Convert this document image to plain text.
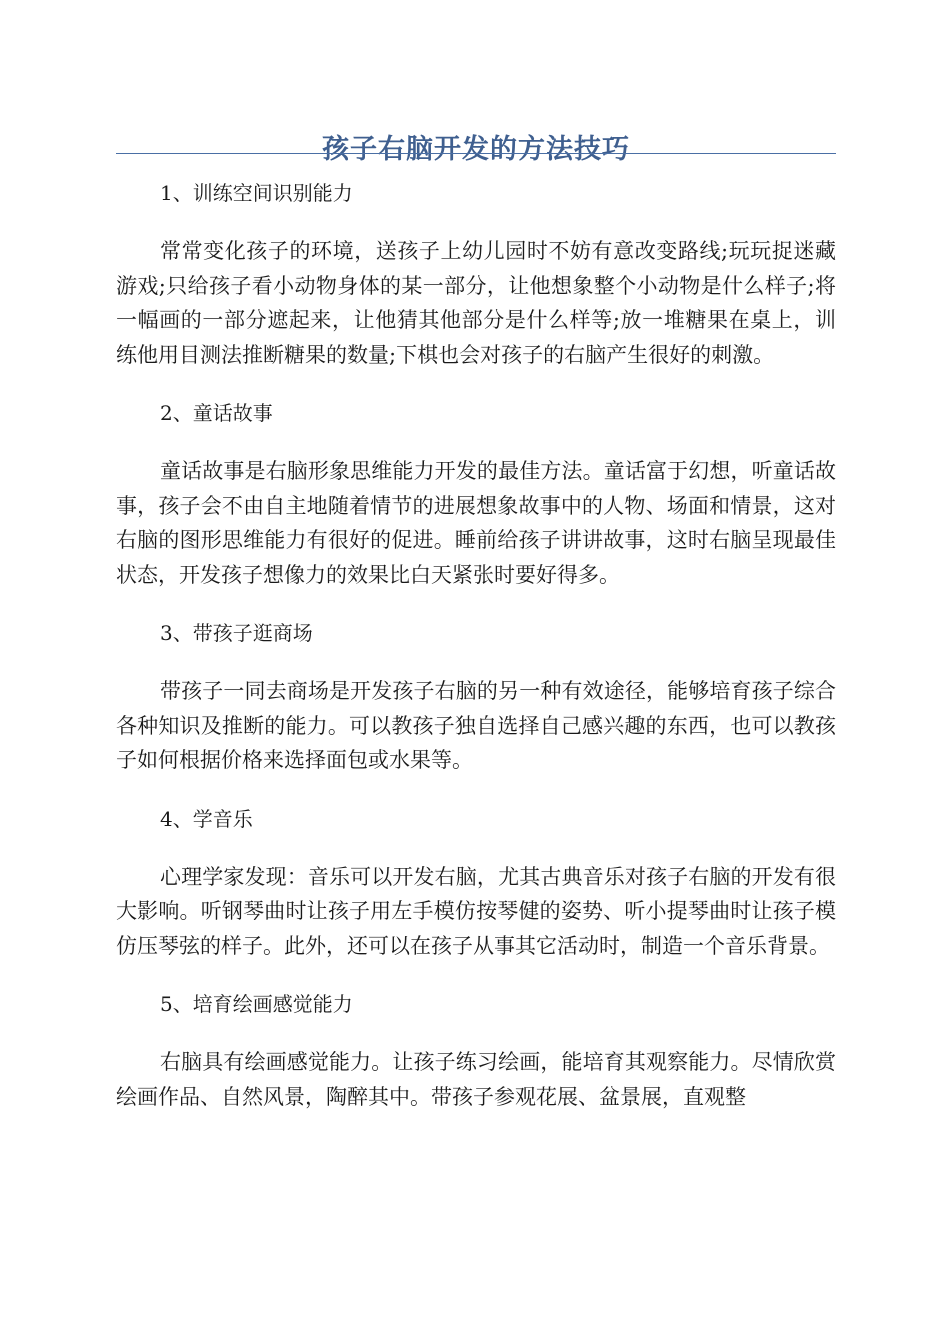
孩子右脑开发的方法技巧

1、训练空间识别能力

常常变化孩子的环境，送孩子上幼儿园时不妨有意改变路线;玩玩捉迷藏游戏;只给孩子看小动物身体的某一部分，让他想象整个小动物是什么样子;将一幅画的一部分遮起来，让他猜其他部分是什么样等;放一堆糖果在桌上，训练他用目测法推断糖果的数量;下棋也会对孩子的右脑产生很好的刺激。

2、童话故事

童话故事是右脑形象思维能力开发的最佳方法。童话富于幻想，听童话故事，孩子会不由自主地随着情节的进展想象故事中的人物、场面和情景，这对右脑的图形思维能力有很好的促进。睡前给孩子讲讲故事，这时右脑呈现最佳状态，开发孩子想像力的效果比白天紧张时要好得多。

3、带孩子逛商场

带孩子一同去商场是开发孩子右脑的另一种有效途径，能够培育孩子综合各种知识及推断的能力。可以教孩子独自选择自己感兴趣的东西，也可以教孩子如何根据价格来选择面包或水果等。

4、学音乐

心理学家发现：音乐可以开发右脑，尤其古典音乐对孩子右脑的开发有很大影响。听钢琴曲时让孩子用左手模仿按琴健的姿势、听小提琴曲时让孩子模仿压琴弦的样子。此外，还可以在孩子从事其它活动时，制造一个音乐背景。

5、培育绘画感觉能力

右脑具有绘画感觉能力。让孩子练习绘画，能培育其观察能力。尽情欣赏绘画作品、自然风景，陶醉其中。带孩子参观花展、盆景展，直观整
